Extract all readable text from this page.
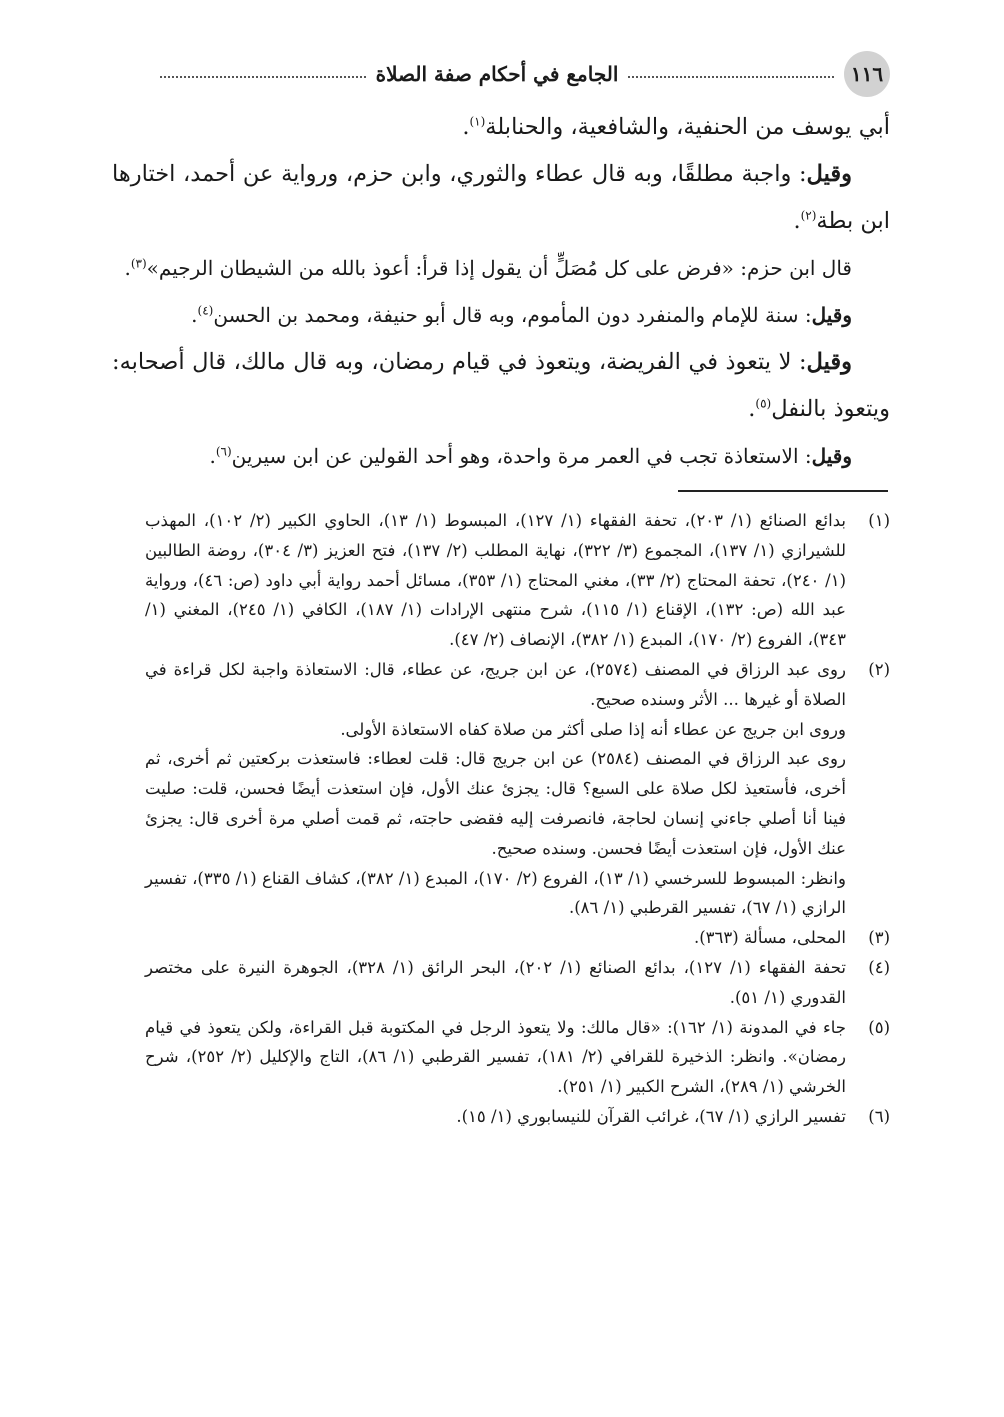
١١٦
الجامع في أحكام صفة الصلاة

أبي يوسف من الحنفية، والشافعية، والحنابلة$^{(١)}$.

وقيل: واجبة مطلقًا، وبه قال عطاء والثوري، وابن حزم، ورواية عن أحمد، اختارها ابن بطة$^{(٢)}$.

قال ابن حزم: «فرض على كل مُصَلٍّ أن يقول إذا قرأ: أعوذ بالله من الشيطان الرجيم»$^{(٣)}$.

وقيل: سنة للإمام والمنفرد دون المأموم، وبه قال أبو حنيفة، ومحمد بن الحسن$^{(٤)}$.

وقيل: لا يتعوذ في الفريضة، ويتعوذ في قيام رمضان، وبه قال مالك، قال أصحابه: ويتعوذ بالنفل$^{(٥)}$.

وقيل: الاستعاذة تجب في العمر مرة واحدة، وهو أحد القولين عن ابن سيرين$^{(٦)}$.

(١)

بدائع الصنائع (١/ ٢٠٣)، تحفة الفقهاء (١/ ١٢٧)، المبسوط (١/ ١٣)، الحاوي الكبير (٢/ ١٠٢)، المهذب للشيرازي (١/ ١٣٧)، المجموع (٣/ ٣٢٢)، نهاية المطلب (٢/ ١٣٧)، فتح العزيز (٣/ ٣٠٤)، روضة الطالبين (١/ ٢٤٠)، تحفة المحتاج (٢/ ٣٣)، مغني المحتاج (١/ ٣٥٣)، مسائل أحمد رواية أبي داود (ص: ٤٦)، ورواية عبد الله (ص: ١٣٢)، الإقناع (١/ ١١٥)، شرح منتهى الإرادات (١/ ١٨٧)، الكافي (١/ ٢٤٥)، المغني (١/ ٣٤٣)، الفروع (٢/ ١٧٠)، المبدع (١/ ٣٨٢)، الإنصاف (٢/ ٤٧).

(٢)

روى عبد الرزاق في المصنف (٢٥٧٤)، عن ابن جريج، عن عطاء، قال: الاستعاذة واجبة لكل قراءة في الصلاة أو غيرها ... الأثر وسنده صحيح.

وروى ابن جريج عن عطاء أنه إذا صلى أكثر من صلاة كفاه الاستعاذة الأولى.

روى عبد الرزاق في المصنف (٢٥٨٤) عن ابن جريج قال: قلت لعطاء: فاستعذت بركعتين ثم أخرى، ثم أخرى، فأستعيذ لكل صلاة على السبع؟ قال: يجزئ عنك الأول، فإن استعذت أيضًا فحسن، قلت: صليت فينا أنا أصلي جاءني إنسان لحاجة، فانصرفت إليه فقضى حاجته، ثم قمت أصلي مرة أخرى قال: يجزئ عنك الأول، فإن استعذت أيضًا فحسن. وسنده صحيح.

وانظر: المبسوط للسرخسي (١/ ١٣)، الفروع (٢/ ١٧٠)، المبدع (١/ ٣٨٢)، كشاف القناع (١/ ٣٣٥)، تفسير الرازي (١/ ٦٧)، تفسير القرطبي (١/ ٨٦).

(٣)

المحلى، مسألة (٣٦٣).

(٤)

تحفة الفقهاء (١/ ١٢٧)، بدائع الصنائع (١/ ٢٠٢)، البحر الرائق (١/ ٣٢٨)، الجوهرة النيرة على مختصر القدوري (١/ ٥١).

(٥)

جاء في المدونة (١/ ١٦٢): «قال مالك: ولا يتعوذ الرجل في المكتوبة قبل القراءة، ولكن يتعوذ في قيام رمضان». وانظر: الذخيرة للقرافي (٢/ ١٨١)، تفسير القرطبي (١/ ٨٦)، التاج والإكليل (٢/ ٢٥٢)، شرح الخرشي (١/ ٢٨٩)، الشرح الكبير (١/ ٢٥١).

(٦)

تفسير الرازي (١/ ٦٧)، غرائب القرآن للنيسابوري (١/ ١٥).
